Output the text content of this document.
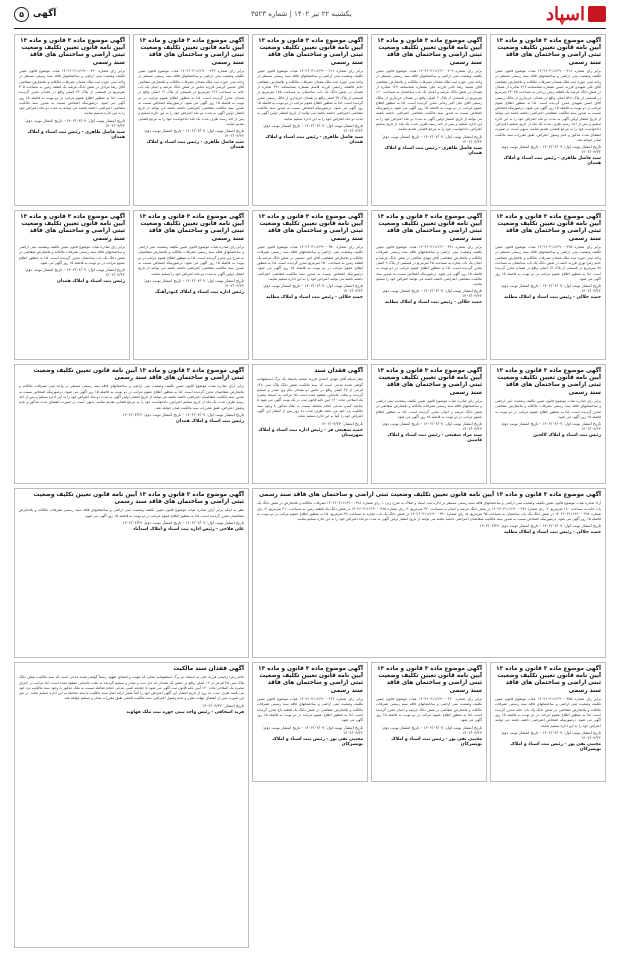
اسپاد
یکشنبه ۲۲ تیر ۱۴۰۲ | شماره ۳۵۲۳
آگهی
۵
آگهی موضوع ماده ۳ قانون و ماده ۱۳ آیین نامه قانون تعیین تکلیف وضعیت ثبتی اراضی و ساختمان های فاقد سند رسمی

برابر رای شماره ۱۴۰۲۶۰۳۱۱۶۶۹۰۰۰۴۱۸ هیات موضوع قانون تعیین تکلیف وضعیت ثبتی اراضی و ساختمانهای فاقد سند رسمی مستقر در واحد ثبتی حوزه ثبت ملک همدان تصرفات مالکانه و بلامعارض متقاضی آقای علی شهیدی فرزند حسن بشماره شناسنامه ۷۱۹ صادره از همدان در شش دانگ عرصه یک قطعه زمین زراعی به مساحت ۲۴۰۷۵ مترمربع در قسمتی از پلاک ۵۲۸ اصلی واقع در همدان خریداری از مالک رسمی آقای حسن شهیدی محرز گردیده است. لذا به منظور اطلاع عموم مراتب در دو نوبت به فاصله ۱۵ روز آگهی می شود. درصورتیکه اشخاص نسبت به صدور سند مالکیت متقاضی اعتراضی داشته باشند می توانند از تاریخ انتشار اولین آگهی به مدت دو ماه اعتراض خود را به این اداره تسلیم و پس از اخذ رسید ظرف مدت یک ماه از تاریخ تسلیم اعتراض، دادخواست خود را به مرجع قضایی تقدیم نمایند. بدیهی است در صورت انقضای مدت مذکور و عدم وصول اعتراض، طبق مقررات سند مالکیت صادر خواهد شد.

تاریخ انتشار نوبت اول: ۱۴۰۲/۰۴/۰۷ - تاریخ انتشار نوبت دوم: ۱۴۰۲/۰۴/۲۲
سید فاضل طاهری - رئیس ثبت اسناد و املاک همدان
آگهی موضوع ماده ۳ قانون و ماده ۱۳ آیین نامه قانون تعیین تکلیف وضعیت ثبتی اراضی و ساختمان های فاقد سند رسمی

برابر رای شماره ۱۴۰۲۶۰۳۱۱۶۶۹۰۰۰۴۰۹ هیات موضوع قانون تعیین تکلیف وضعیت ثبتی اراضی و ساختمانهای فاقد سند رسمی مستقر در واحد ثبتی حوزه ثبت ملک همدان تصرفات مالکانه و بلامعارض متقاضی آقای محمد رضا خانی فرزند علی بشماره شناسنامه ۱۲۷ صادره از همدان در شش دانگ عرصه و اعیان یک باب ساختمان به مساحت ۱۱۰ مترمربع در قسمتی از پلاک ۲ اصلی واقع در همدان خریداری از مالک رسمی آقای علی اکبر زمانی محرز گردیده است. لذا به منظور اطلاع عموم مراتب در دو نوبت به فاصله ۱۵ روز آگهی می شود. درصورتیکه اشخاص نسبت به صدور سند مالکیت متقاضی اعتراضی داشته باشند می توانند از تاریخ انتشار اولین آگهی به مدت دو ماه اعتراض خود را به این اداره تسلیم و پس از اخذ رسید ظرف مدت یک ماه از تاریخ تسلیم اعتراض، دادخواست خود را به مرجع قضایی تقدیم نمایند.

تاریخ انتشار نوبت اول: ۱۴۰۲/۰۴/۰۷ - تاریخ انتشار نوبت دوم: ۱۴۰۲/۰۴/۲۲
سید فاضل طاهری - رئیس ثبت اسناد و املاک همدان
آگهی موضوع ماده ۳ قانون و ماده ۱۳ آیین نامه قانون تعیین تکلیف وضعیت ثبتی اراضی و ساختمان های فاقد سند رسمی

برابر رای شماره ۱۴۰۲۶۰۳۱۱۶۶۹۰۰۰۴۱۶ هیات موضوع قانون تعیین تکلیف وضعیت ثبتی اراضی و ساختمانهای فاقد سند رسمی مستقر در واحد ثبتی حوزه ثبت ملک همدان تصرفات مالکانه و بلامعارض متقاضی خانم فاطمه رحیمی فرزند قاسم بشماره شناسنامه ۴۴۱ صادره از همدان در شش دانگ یک باب ساختمان به مساحت ۱۸۵ مترمربع در قسمتی از پلاک ۳۷ اصلی واقع در همدان خریداری از مالک رسمی محرز گردیده است. لذا به منظور اطلاع عموم مراتب در دو نوبت به فاصله ۱۵ روز آگهی می شود. درصورتیکه اشخاص نسبت به صدور سند مالکیت متقاضی اعتراضی داشته باشند می توانند از تاریخ انتشار اولین آگهی به مدت دو ماه اعتراض خود را به این اداره تسلیم نمایند.

تاریخ انتشار نوبت اول: ۱۴۰۲/۰۴/۰۷ - تاریخ انتشار نوبت دوم: ۱۴۰۲/۰۴/۲۲
سید فاضل طاهری - رئیس ثبت اسناد و املاک همدان
آگهی موضوع ماده ۳ قانون و ماده ۱۳ آیین نامه قانون تعیین تکلیف وضعیت ثبتی اراضی و ساختمان های فاقد سند رسمی

برابر رای شماره ۱۴۰۲۶۰۳۱۱۶۶۹۰۰۰۴۲۳ هیات موضوع قانون تعیین تکلیف وضعیت ثبتی اراضی و ساختمانهای فاقد سند رسمی مستقر در واحد ثبتی حوزه ثبت ملک همدان تصرفات مالکانه و بلامعارض متقاضی آقای حسین کریمی فرزند عباس در شش دانگ عرصه و اعیان یک باب خانه به مساحت ۲۱۲ مترمربع در قسمتی از پلاک ۱۲ اصلی واقع در همدان محرز گردیده است. لذا به منظور اطلاع عموم مراتب در دو نوبت به فاصله ۱۵ روز آگهی می شود. درصورتیکه اشخاص نسبت به صدور سند مالکیت متقاضی اعتراضی داشته باشند می توانند از تاریخ انتشار اولین آگهی به مدت دو ماه اعتراض خود را به این اداره تسلیم و پس از اخذ رسید ظرف مدت یک ماه دادخواست خود را به مرجع قضایی تقدیم نمایند.

تاریخ انتشار نوبت اول: ۱۴۰۲/۰۴/۰۷ - تاریخ انتشار نوبت دوم: ۱۴۰۲/۰۴/۲۲
سید فاضل طاهری - رئیس ثبت اسناد و املاک همدان
آگهی موضوع ماده ۳ قانون و ماده ۱۳ آیین نامه قانون تعیین تکلیف وضعیت ثبتی اراضی و ساختمان های فاقد سند رسمی

برابر رای شماره ۱۴۰۲۶۰۳۱۱۶۶۹۰۰۰۴۳۰ هیات موضوع قانون تعیین تکلیف وضعیت ثبتی اراضی و ساختمانهای فاقد سند رسمی مستقر در واحد ثبتی حوزه ثبت ملک همدان تصرفات مالکانه و بلامعارض متقاضی آقای رضا مرادی در شش دانگ عرصه یک قطعه زمین به مساحت ۳۰۵ مترمربع در قسمتی از پلاک ۴۲ اصلی واقع در همدان محرز گردیده است. لذا به منظور اطلاع عموم مراتب در دو نوبت به فاصله ۱۵ روز آگهی می شود. درصورتیکه اشخاص نسبت به صدور سند مالکیت متقاضی اعتراضی داشته باشند می توانند به مدت دو ماه اعتراض خود را به این اداره تسلیم نمایند.

تاریخ انتشار نوبت اول: ۱۴۰۲/۰۴/۰۷ - تاریخ انتشار نوبت دوم: ۱۴۰۲/۰۴/۲۲
سید فاضل طاهری - رئیس ثبت اسناد و املاک همدان
آگهی موضوع ماده ۳ قانون و ماده ۱۳ آیین نامه قانون تعیین تکلیف وضعیت ثبتی اراضی و ساختمان های فاقد سند رسمی

برابر رای شماره ۱۴۰۲۶۰۳۱۱۶۶۹۰۰۰۴۳۵ هیات موضوع قانون تعیین تکلیف وضعیت ثبتی اراضی و ساختمانهای فاقد سند رسمی مستقر در واحد ثبتی حوزه ثبت ملک همدان تصرفات مالکانه و بلامعارض متقاضی خانم زهرا نوری فرزند احمد در شش دانگ یک باب ساختمان به مساحت ۹۸ مترمربع در قسمتی از پلاک ۱۷ اصلی واقع در همدان محرز گردیده است. لذا به منظور اطلاع عموم مراتب در دو نوبت به فاصله ۱۵ روز آگهی می شود.

تاریخ انتشار نوبت اول: ۱۴۰۲/۰۴/۰۷ - تاریخ انتشار نوبت دوم: ۱۴۰۲/۰۴/۲۲
حمید جلالی - رئیس ثبت اسناد و املاک مطلبه
آگهی موضوع ماده ۳ قانون و ماده ۱۳ آیین نامه قانون تعیین تکلیف وضعیت ثبتی اراضی و ساختمان های فاقد سند رسمی

برابر رای شماره ۱۴۰۲۶۰۳۱۱۶۶۹۰۰۰۴۴۱ هیات موضوع قانون تعیین تکلیف وضعیت ثبتی اراضی و ساختمانهای فاقد سند رسمی تصرفات مالکانه و بلامعارض متقاضی آقای مهدی صالحی در شش دانگ عرصه و اعیان یک باب مغازه به مساحت ۴۵ مترمربع در قسمتی از پلاک ۹ اصلی محرز گردیده است. لذا به منظور اطلاع عموم مراتب در دو نوبت به فاصله ۱۵ روز آگهی می شود. درصورتیکه اشخاص نسبت به صدور سند مالکیت متقاضی اعتراضی داشته باشند می توانند اعتراض خود را تسلیم نمایند.

تاریخ انتشار نوبت اول: ۱۴۰۲/۰۴/۰۷ - تاریخ انتشار نوبت دوم: ۱۴۰۲/۰۴/۲۲
حمید جلالی - رئیس ثبت اسناد و املاک مطلبه
آگهی موضوع ماده ۳ قانون و ماده ۱۳ آیین نامه قانون تعیین تکلیف وضعیت ثبتی اراضی و ساختمان های فاقد سند رسمی

برابر رای شماره ۱۴۰۲۶۰۳۱۱۶۶۹۰۰۰۴۵۰ هیات موضوع قانون تعیین تکلیف وضعیت ثبتی اراضی و ساختمانهای فاقد سند رسمی تصرفات مالکانه و بلامعارض متقاضی آقای امیر حسینی در شش دانگ عرصه یک قطعه زمین به مساحت ۲۵۰ مترمربع محرز گردیده است. لذا به منظور اطلاع عموم مراتب در دو نوبت به فاصله ۱۵ روز آگهی می شود. درصورتیکه اشخاص نسبت به صدور سند مالکیت متقاضی اعتراضی داشته باشند می توانند اعتراض خود را به این اداره تسلیم نمایند.

تاریخ انتشار نوبت اول: ۱۴۰۲/۰۴/۰۷ - تاریخ انتشار نوبت دوم: ۱۴۰۲/۰۴/۲۲
حمید جلالی - رئیس ثبت اسناد و املاک مطلبه
آگهی موضوع ماده ۳ قانون و ماده ۱۳ آیین نامه قانون تعیین تکلیف وضعیت ثبتی اراضی و ساختمان های فاقد سند رسمی

برابر رای صادره هیات موضوع قانون تعیین تکلیف وضعیت ثبتی اراضی و ساختمانهای فاقد سند رسمی تصرفات مالکانه و بلامعارض متقاضیان به شرح زیر محرز گردیده است. لذا به منظور اطلاع عموم مراتب در دو نوبت به فاصله ۱۵ روز آگهی می شود. درصورتیکه اشخاص نسبت به صدور سند مالکیت متقاضی اعتراضی داشته باشند می توانند از تاریخ انتشار اولین آگهی به مدت دو ماه اعتراض خود را تسلیم نمایند.

تاریخ انتشار نوبت اول: ۱۴۰۲/۰۴/۰۷ - تاریخ انتشار نوبت دوم: ۱۴۰۲/۰۴/۲۲
رئیس اداره ثبت اسناد و املاک کبودرآهنگ
آگهی موضوع ماده ۳ قانون و ماده ۱۳ آیین نامه قانون تعیین تکلیف وضعیت ثبتی اراضی و ساختمان های فاقد سند رسمی

برابر رای صادره هیات موضوع قانون تعیین تکلیف وضعیت ثبتی اراضی و ساختمانهای فاقد سند رسمی تصرفات مالکانه و بلامعارض متقاضی در شش دانگ یک باب ساختمان محرز گردیده است. لذا به منظور اطلاع عموم مراتب در دو نوبت به فاصله ۱۵ روز آگهی می شود.

تاریخ انتشار نوبت اول: ۱۴۰۲/۰۴/۰۷ - تاریخ انتشار نوبت دوم: ۱۴۰۲/۰۴/۲۲
رئیس ثبت اسناد و املاک همدان
آگهی موضوع ماده ۳ قانون و ماده ۱۳ آیین نامه قانون تعیین تکلیف وضعیت ثبتی اراضی و ساختمان های فاقد سند رسمی

برابر رای صادره هیات موضوع قانون تعیین تکلیف وضعیت ثبتی اراضی و ساختمانهای فاقد سند رسمی تصرفات مالکانه و بلامعارض متقاضی محرز گردیده است. لذا به منظور اطلاع عموم مراتب در دو نوبت به فاصله ۱۵ روز آگهی می شود.

تاریخ انتشار نوبت اول: ۱۴۰۲/۰۴/۰۷ - تاریخ انتشار نوبت دوم: ۱۴۰۲/۰۴/۲۲
رئیس ثبت اسناد و املاک لالجین
آگهی موضوع ماده ۳ قانون و ماده ۱۳ آیین نامه قانون تعیین تکلیف وضعیت ثبتی اراضی و ساختمان های فاقد سند رسمی

برابر رای صادره هیات موضوع قانون تعیین تکلیف وضعیت ثبتی اراضی و ساختمانهای فاقد سند رسمی تصرفات مالکانه و بلامعارض متقاضی در شش دانگ عرصه و اعیان محرز گردیده است. لذا به منظور اطلاع عموم مراتب در دو نوبت به فاصله ۱۵ روز آگهی می شود.

تاریخ انتشار نوبت اول: ۱۴۰۲/۰۴/۰۷ - تاریخ انتشار نوبت دوم: ۱۴۰۲/۰۴/۲۲
سید مراد شفیعی - رئیس ثبت اسناد و املاک فامنین
آگهی فقدان سند

نظر باینکه آقای مهدی احمدی فرزند محمد باستناد یک برگ استشهادیه گواهی شده مدعی است که سند مالکیت شش دانگ پلاک ثبتی ۱۲۸ فرعی از ۴۸ اصلی واقع در بخش دو همدان بنام وی صادر و تسلیم گردیده و بعلت جابجایی مفقود شده است لذا مراتب به استناد تبصره یک اصلاحی ماده ۱۲۰ آیین نامه قانون ثبت در یک نوبت آگهی می شود تا چنانچه کسی مدعی انجام معامله نسبت به ملک مذکور یا وجود سند مالکیت نزد خود می باشد ظرف مدت ده روز پس از انتشار این آگهی اعتراض خود را کتباً به این اداره تسلیم نماید.

تاریخ انتشار: ۱۴۰۲/۰۴/۲۲
حمید شفیعی فر - رئیس اداره ثبت اسناد و املاک شهرستان
آگهی موضوع ماده ۳ قانون و ماده ۱۳ آیین نامه قانون تعیین تکلیف وضعیت ثبتی اراضی و ساختمان های فاقد سند رسمی

برابر آرای صادره هیات موضوع قانون تعیین تکلیف وضعیت ثبتی اراضی و ساختمانهای فاقد سند رسمی مستقر در واحد ثبتی تصرفات مالکانه و بلامعارض متقاضیان محرز گردیده است. لذا به منظور اطلاع عموم مراتب در دو نوبت به فاصله ۱۵ روز آگهی می شود. درصورتیکه اشخاص نسبت به صدور سند مالکیت متقاضیان اعتراضی داشته باشند می توانند از تاریخ انتشار اولین آگهی به مدت دو ماه اعتراض خود را به این اداره تسلیم و پس از اخذ رسید ظرف مدت یک ماه از تاریخ تسلیم اعتراض، دادخواست خود را به مرجع قضایی تقدیم نمایند. بدیهی است در صورت انقضای مدت مذکور و عدم وصول اعتراض، طبق مقررات سند مالکیت صادر خواهد شد.

تاریخ انتشار نوبت اول: ۱۴۰۲/۰۴/۰۷ - تاریخ انتشار نوبت دوم: ۱۴۰۲/۰۴/۲۲
رئیس ثبت اسناد و املاک همدان
آگهی موضوع ماده ۳ قانون و ماده ۱۳ آیین نامه قانون تعیین تکلیف وضعیت ثبتی اراضی و ساختمان های فاقد سند رسمی

آراء صادره هیات موضوع قانون تعیین تکلیف وضعیت ثبتی اراضی و ساختمانهای فاقد سند رسمی مستقر در اداره ثبت اسناد و املاک به شرح زیر: ۱- رای شماره ۱۴۰۲۶۰۳۱۱۶۶۹۰۰۰۳۸۱ تصرفات مالکانه و بلامعارض در شش دانگ یک باب خانه به مساحت ۱۸۰ مترمربع. ۲- رای شماره ۱۴۰۲۶۰۳۱۱۶۶۹۰۰۰۳۸۲ در شش دانگ عرصه و اعیان به مساحت ۲۲۰ مترمربع. ۳- رای شماره ۱۴۰۲۶۰۳۱۱۶۶۹۰۰۰۳۸۵ در شش دانگ یک قطعه زمین به مساحت ۴۱۰ مترمربع. ۴- رای شماره ۱۴۰۲۶۰۳۱۱۶۶۹۰۰۰۳۸۷ در شش دانگ یک باب ساختمان به مساحت ۹۵ مترمربع. ۵- رای شماره ۱۴۰۲۶۰۳۱۱۶۶۹۰۰۰۳۹۰ در شش دانگ یک باب مغازه به مساحت ۳۸ مترمربع. لذا به منظور اطلاع عموم مراتب در دو نوبت به فاصله ۱۵ روز آگهی می شود. درصورتیکه اشخاص نسبت به صدور سند مالکیت متقاضیان اعتراضی داشته باشند می توانند از تاریخ انتشار اولین آگهی به مدت دو ماه اعتراض خود را به این اداره تسلیم نمایند.

تاریخ انتشار نوبت اول: ۱۴۰۲/۰۴/۰۷ - تاریخ انتشار نوبت دوم: ۱۴۰۲/۰۴/۲۲
حمید جلالی - رئیس ثبت اسناد و املاک مطلبه
آگهی موضوع ماده ۳ قانون و ماده ۱۳ آیین نامه قانون تعیین تکلیف وضعیت ثبتی اراضی و ساختمان های فاقد سند رسمی

نظر به اینکه برابر آرای صادره هیات موضوع قانون تعیین تکلیف وضعیت ثبتی اراضی و ساختمانهای فاقد سند رسمی تصرفات مالکانه و بلامعارض متقاضیان محرز گردیده است. لذا به منظور اطلاع عموم مراتب در دو نوبت به فاصله ۱۵ روز آگهی می شود.

تاریخ انتشار نوبت اول: ۱۴۰۲/۰۴/۰۷ - تاریخ انتشار نوبت دوم: ۱۴۰۲/۰۴/۲۲
علی فلاحی - رئیس اداره ثبت اسناد و املاک اسدآباد
آگهی موضوع ماده ۳ قانون و ماده ۱۳ آیین نامه قانون تعیین تکلیف وضعیت ثبتی اراضی و ساختمان های فاقد سند رسمی

برابر رای شماره ۱۴۰۲۶۰۳۱۱۶۶۹۰۰۰۴۵۵ هیات موضوع قانون تعیین تکلیف وضعیت ثبتی اراضی و ساختمانهای فاقد سند رسمی تصرفات مالکانه و بلامعارض متقاضی در شش دانگ یک باب خانه محرز گردیده است. لذا به منظور اطلاع عموم مراتب در دو نوبت به فاصله ۱۵ روز آگهی می شود. درصورتیکه اشخاص اعتراضی داشته باشند می توانند اعتراض خود را به این اداره تسلیم نمایند.

تاریخ انتشار نوبت اول: ۱۴۰۲/۰۴/۰۷ - تاریخ انتشار نوبت دوم: ۱۴۰۲/۰۴/۲۲
مجتبی نقی پور - رئیس ثبت اسناد و املاک تویسرکان
آگهی موضوع ماده ۳ قانون و ماده ۱۳ آیین نامه قانون تعیین تکلیف وضعیت ثبتی اراضی و ساختمان های فاقد سند رسمی

برابر رای شماره ۱۴۰۲۶۰۳۱۱۶۶۹۰۰۰۴۶۰ هیات موضوع قانون تعیین تکلیف وضعیت ثبتی اراضی و ساختمانهای فاقد سند رسمی تصرفات مالکانه و بلامعارض متقاضی در شش دانگ عرصه و اعیان محرز گردیده است. لذا به منظور اطلاع عموم مراتب در دو نوبت به فاصله ۱۵ روز آگهی می شود.

تاریخ انتشار نوبت اول: ۱۴۰۲/۰۴/۰۷ - تاریخ انتشار نوبت دوم: ۱۴۰۲/۰۴/۲۲
مجتبی نقی پور - رئیس ثبت اسناد و املاک تویسرکان
آگهی موضوع ماده ۳ قانون و ماده ۱۳ آیین نامه قانون تعیین تکلیف وضعیت ثبتی اراضی و ساختمان های فاقد سند رسمی

برابر رای شماره ۱۴۰۲۶۰۳۱۱۶۶۹۰۰۰۴۶۲ هیات موضوع قانون تعیین تکلیف وضعیت ثبتی اراضی و ساختمانهای فاقد سند رسمی تصرفات مالکانه و بلامعارض متقاضی در شش دانگ یک قطعه باغ محرز گردیده است. لذا به منظور اطلاع عموم مراتب در دو نوبت به فاصله ۱۵ روز آگهی می شود.

تاریخ انتشار نوبت اول: ۱۴۰۲/۰۴/۰۷ - تاریخ انتشار نوبت دوم: ۱۴۰۲/۰۴/۲۲
مجتبی نقی پور - رئیس ثبت اسناد و املاک تویسرکان
آگهی فقدان سند مالکیت

خانم زهرا رحیمی فرزند علی به استناد دو برگ استشهادیه محلی که هویت و امضای شهود رسماً گواهی شده مدعی است که سند مالکیت شش دانگ پلاک ثبتی ۴۵ فرعی از ۱۲ اصلی واقع در بخش یک همدان که ذیل ثبت و صادر و تسلیم گردیده به علت جابجایی مفقود شده است. لذا مراتب در اجرای تبصره یک اصلاحی ماده ۱۲۰ آیین نامه قانون ثبت آگهی می شود تا چنانچه کسی مدعی انجام معامله نسبت به ملک مذکور یا وجود سند مالکیت نزد خود می باشد ظرف مدت ده روز از تاریخ انتشار این آگهی اعتراض خود را کتباً ضمن ارائه اصل سند مالکیت یا سند معامله به این اداره تسلیم نماید. در غیر این صورت پس از انقضای مهلت مقرر و عدم وصول اعتراض، سند مالکیت المثنی طبق مقررات صادر و تسلیم خواهد شد.

تاریخ انتشار: ۱۴۰۲/۰۴/۲۲
فرید اسحاقی - رئیس واحد ثبتی حوزه ثبت ملک قهاوند
